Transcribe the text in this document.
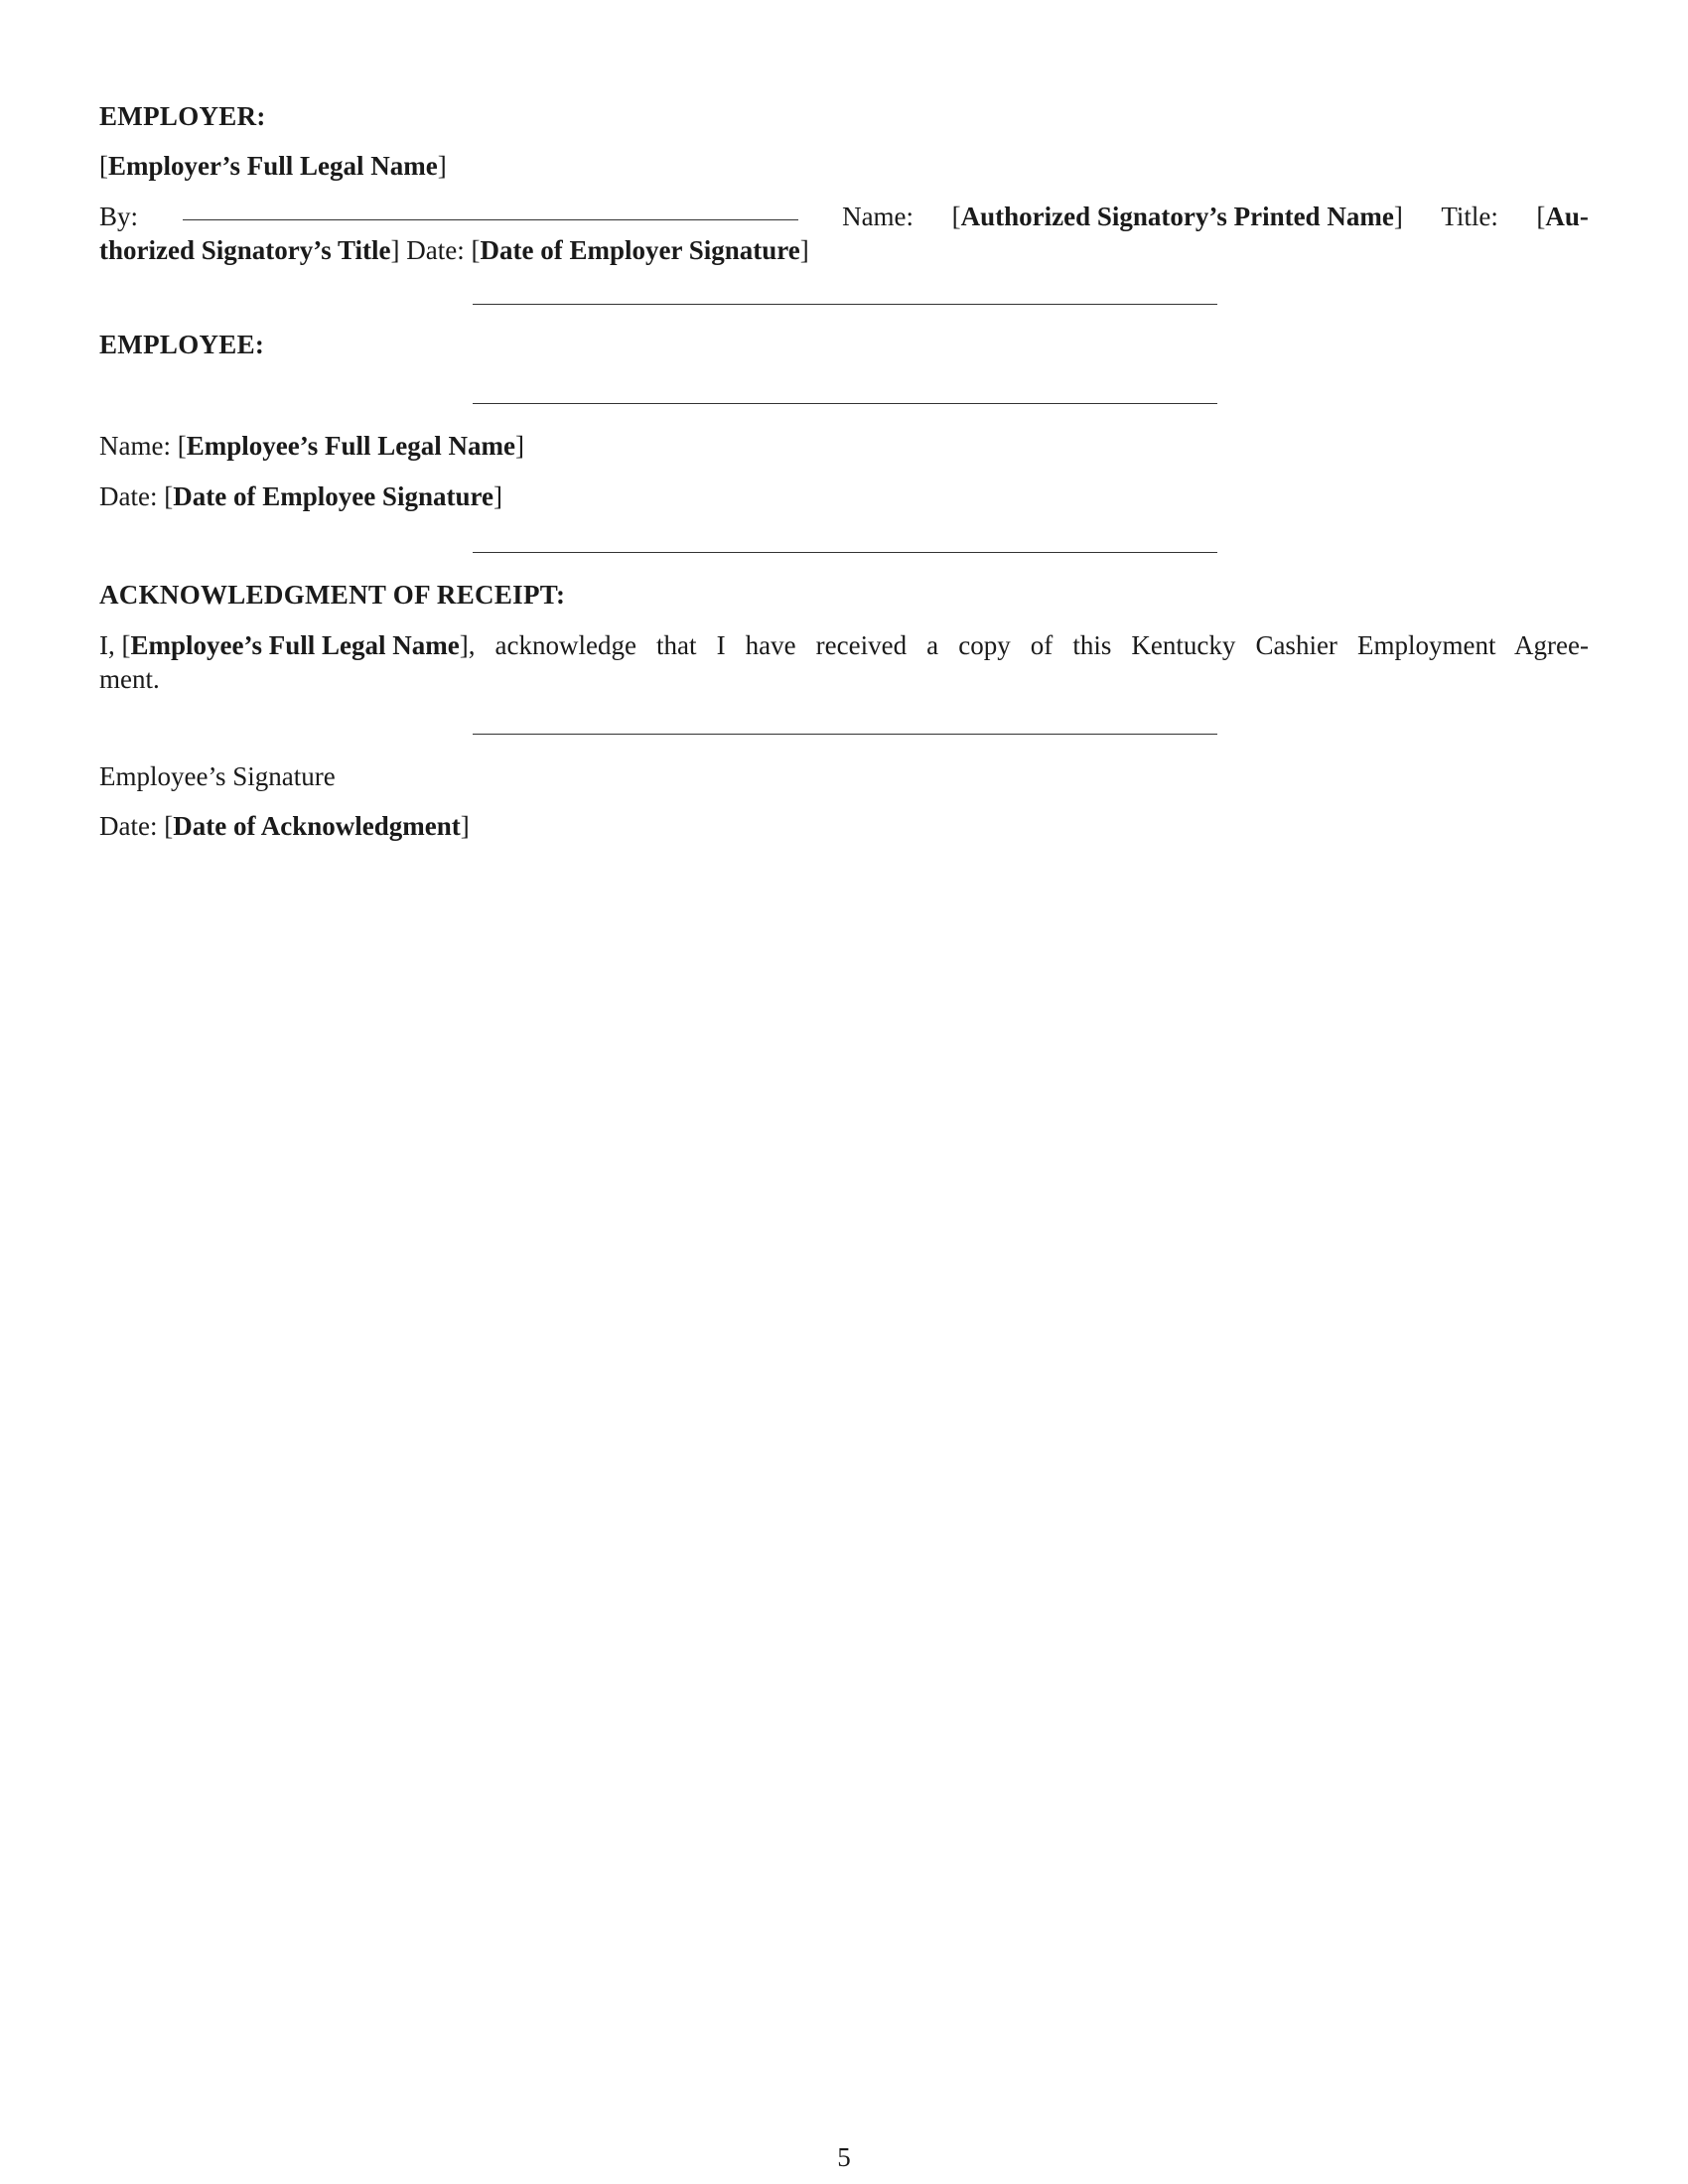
EMPLOYER:
[Employer’s Full Legal Name]
By:	Name: [Authorized Signatory’s Printed Name] Title: [Au-
thorized Signatory’s Title] Date: [Date of Employer Signature]
EMPLOYEE:
Name: [Employee’s Full Legal Name]
Date: [Date of Employee Signature]
ACKNOWLEDGMENT OF RECEIPT:
I, [Employee’s Full Legal Name] , acknowledge that I have received a copy of this Kentucky Cashier Employment Agree-
ment.
Employee’s Signature
Date: [Date of Acknowledgment]
5
